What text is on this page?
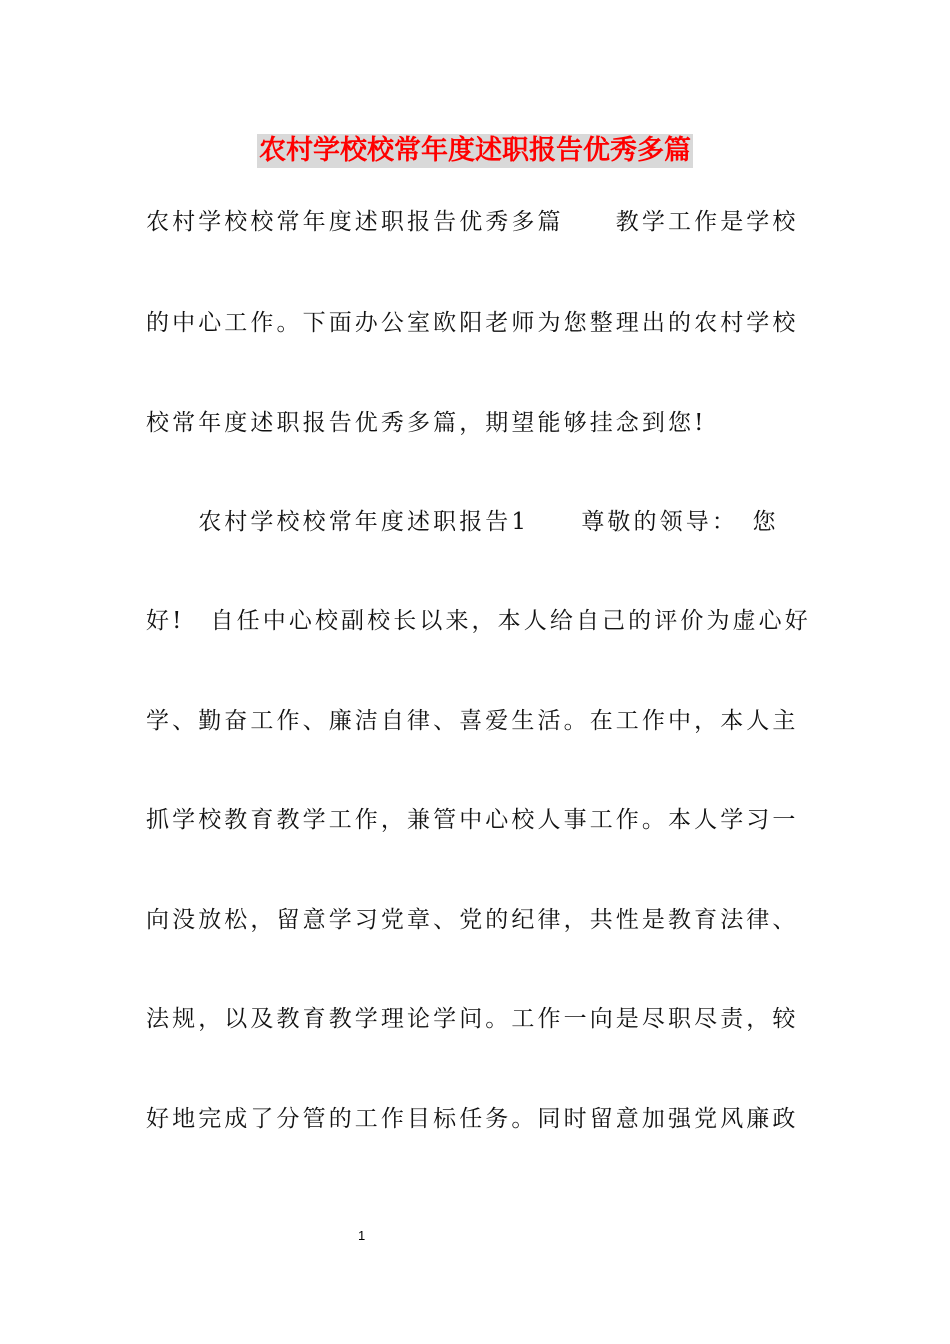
农村学校校常年度述职报告优秀多篇
农村学校校常年度述职报告优秀多篇　　教学工作是学校
的中心工作。下面办公室欧阳老师为您整理出的农村学校
校常年度述职报告优秀多篇，期望能够挂念到您!
　　农村学校校常年度述职报告1　　尊敬的领导：　您
好!　自任中心校副校长以来，本人给自己的评价为虚心好
学、勤奋工作、廉洁自律、喜爱生活。在工作中，本人主
抓学校教育教学工作，兼管中心校人事工作。本人学习一
向没放松，留意学习党章、党的纪律，共性是教育法律、
法规，以及教育教学理论学问。工作一向是尽职尽责，较
好地完成了分管的工作目标任务。同时留意加强党风廉政
1
